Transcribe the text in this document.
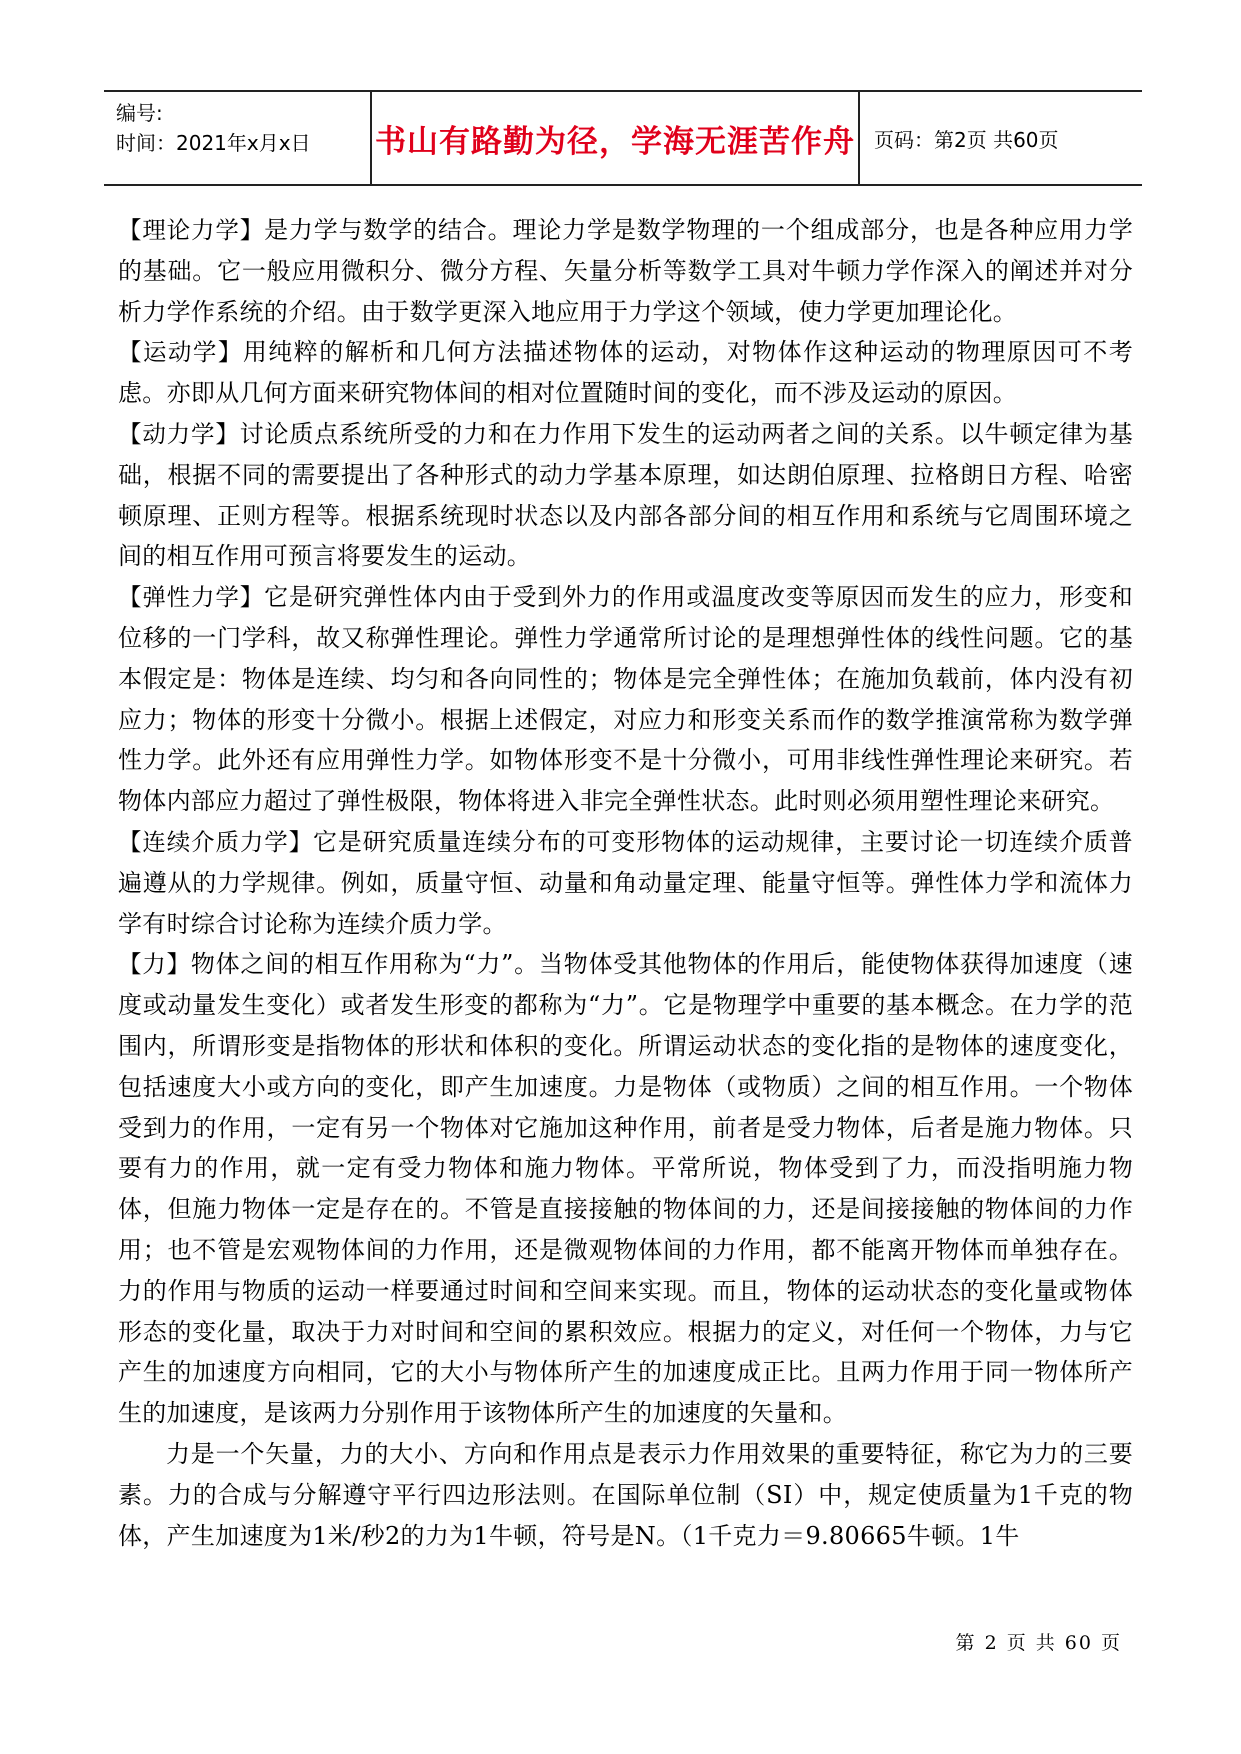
编号:
时间：2021年x月x日	书山有路勤为径，学海无涯苦作舟 页码：第2页 共60页

【理论力学】是力学与数学的结合。理论力学是数学物理的一个组成部分，也是各种应用力学的基础。它一般应用微积分、微分方程、矢量分析等数学工具对牛顿力学作深入的阐述并对分析力学作系统的介绍。由于数学更深入地应用于力学这个领域，使力学更加理论化。

【运动学】用纯粹的解析和几何方法描述物体的运动，对物体作这种运动的物理原因可不考虑。亦即从几何方面来研究物体间的相对位置随时间的变化，而不涉及运动的原因。

【动力学】讨论质点系统所受的力和在力作用下发生的运动两者之间的关系。以牛顿定律为基础，根据不同的需要提出了各种形式的动力学基本原理，如达朗伯原理、拉格朗日方程、哈密顿原理、正则方程等。根据系统现时状态以及内部各部分间的相互作用和系统与它周围环境之间的相互作用可预言将要发生的运动。

【弹性力学】它是研究弹性体内由于受到外力的作用或温度改变等原因而发生的应力，形变和位移的一门学科，故又称弹性理论。弹性力学通常所讨论的是理想弹性体的线性问题。它的基本假定是：物体是连续、均匀和各向同性的；物体是完全弹性体；在施加负载前，体内没有初应力；物体的形变十分微小。根据上述假定，对应力和形变关系而作的数学推演常称为数学弹性力学。此外还有应用弹性力学。如物体形变不是十分微小，可用非线性弹性理论来研究。若物体内部应力超过了弹性极限，物体将进入非完全弹性状态。此时则必须用塑性理论来研究。

【连续介质力学】它是研究质量连续分布的可变形物体的运动规律，主要讨论一切连续介质普遍遵从的力学规律。例如，质量守恒、动量和角动量定理、能量守恒等。弹性体力学和流体力学有时综合讨论称为连续介质力学。

【力】物体之间的相互作用称为“力”。当物体受其他物体的作用后，能使物体获得加速度（速度或动量发生变化）或者发生形变的都称为“力”。它是物理学中重要的基本概念。在力学的范围内，所谓形变是指物体的形状和体积的变化。所谓运动状态的变化指的是物体的速度变化，包括速度大小或方向的变化，即产生加速度。力是物体（或物质）之间的相互作用。一个物体受到力的作用，一定有另一个物体对它施加这种作用，前者是受力物体，后者是施力物体。只要有力的作用，就一定有受力物体和施力物体。平常所说，物体受到了力，而没指明施力物体，但施力物体一定是存在的。不管是直接接触的物体间的力，还是间接接触的物体间的力作用；也不管是宏观物体间的力作用，还是微观物体间的力作用，都不能离开物体而单独存在。力的作用与物质的运动一样要通过时间和空间来实现。而且，物体的运动状态的变化量或物体形态的变化量，取决于力对时间和空间的累积效应。根据力的定义，对任何一个物体，力与它产生的加速度方向相同，它的大小与物体所产生的加速度成正比。且两力作用于同一物体所产生的加速度，是该两力分别作用于该物体所产生的加速度的矢量和。

力是一个矢量，力的大小、方向和作用点是表示力作用效果的重要特征，称它为力的三要素。力的合成与分解遵守平行四边形法则。在国际单位制（SI）中，规定使质量为1千克的物体，产生加速度为1米/秒2的力为1牛顿，符号是N。（1千克力＝9.80665牛顿。1牛

第 2 页 共 60 页
